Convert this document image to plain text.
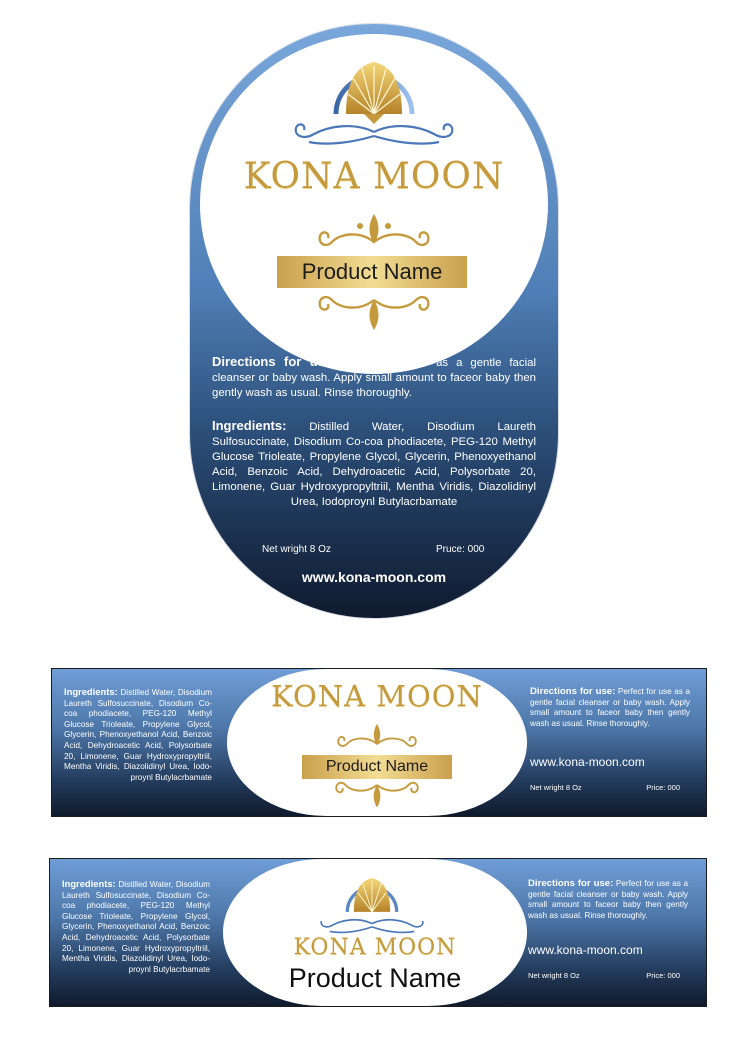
KONA MOON
Product Name
Directions for use: Perfect for use as a gentle facial cleanser or baby wash. Apply small amount to faceor baby then gently wash as usual. Rinse thoroughly.
Ingredients: Distilled Water, Disodium Laureth Sulfosuccinate, Disodium Co-coa phodiacete, PEG-120 Methyl Glucose Trioleate, Propylene Glycol, Glycerin, Phenoxyethanol Acid, Benzoic Acid, Dehydroacetic Acid, Polysorbate 20, Limonene, Guar Hydroxypropyltriil, Mentha Viridis, Diazolidinyl Urea, Iodoproynl Butylacrbamate
Net wright 8 Oz	Pruce: 000
www.kona-moon.com
Ingredients: Distilled Water, Disodium Laureth Sulfosuccinate, Disodium Co-coa phodiacete, PEG-120 Methyl Glucose Trioleate, Propylene Glycol, Glycerin, Phenoxyethanol Acid, Benzoic Acid, Dehydroacetic Acid, Polysorbate 20, Limonene, Guar Hydroxypropyltriil, Mentha Viridis, Diazolidinyl Urea, Iodo-proynl Butylacrbamate
KONA MOON
Product Name
Directions for use: Perfect for use as a gentle facial cleanser or baby wash. Apply small amount to faceor baby then gently wash as usual. Rinse thoroughly.
www.kona-moon.com
Net wright 8 Oz	Price: 000
Ingredients: Distilled Water, Disodium Laureth Sulfosuccinate, Disodium Co-coa phodiacete, PEG-120 Methyl Glucose Trioleate, Propylene Glycol, Glycerin, Phenoxyethanol Acid, Benzoic Acid, Dehydroacetic Acid, Polysorbate 20, Limonene, Guar Hydroxypropyltriil, Mentha Viridis, Diazolidinyl Urea, Iodo-proynl Butylacrbamate
KONA MOON
Product Name
Directions for use: Perfect for use as a gentle facial cleanser or baby wash. Apply small amount to faceor baby then gently wash as usual. Rinse thoroughly.
www.kona-moon.com
Net wright 8 Oz	Price: 000
